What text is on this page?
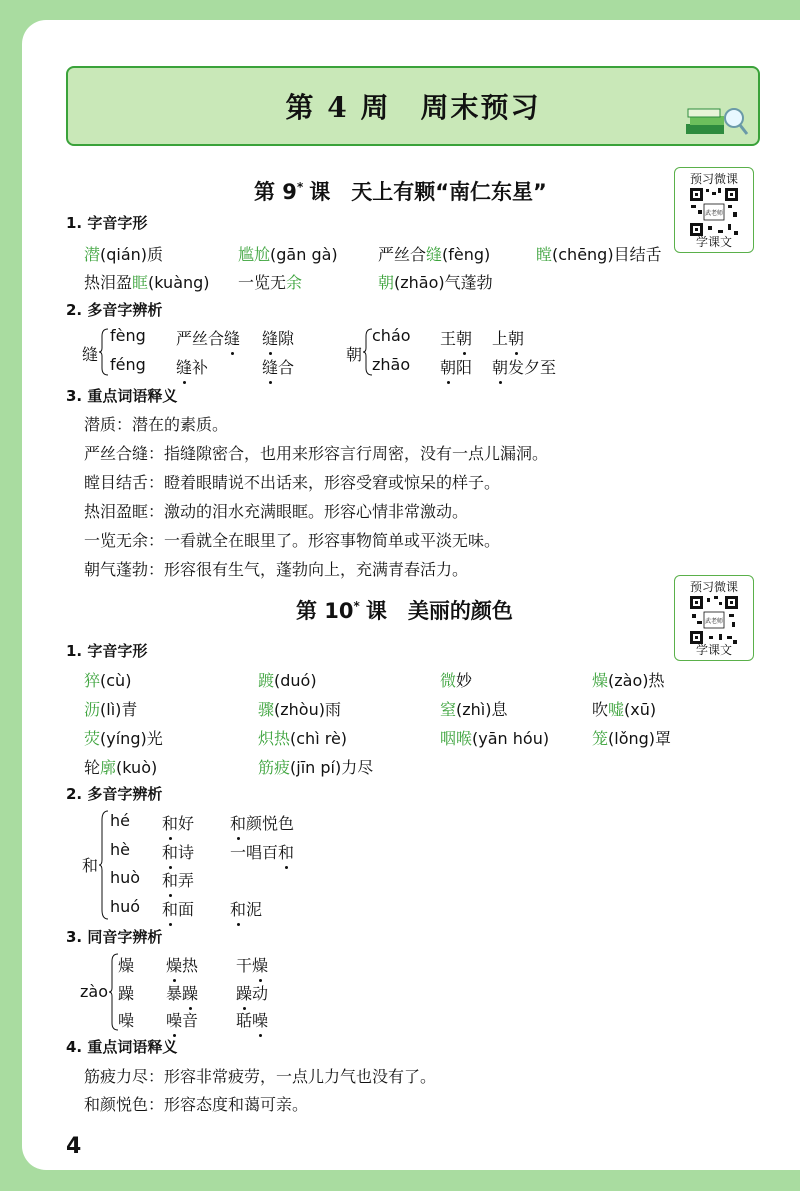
第 4 周　周末预习
预习微课
武老师
学课文
预习微课
武老师
学课文
第 9* 课　天上有颗“南仁东星”
1. 字音字形
潜(qián)质	尴尬(gān gà)	严丝合缝(fèng)	瞠(chēng)目结舌
热泪盈眶(kuàng) 一览无余	朝(zhāo)气蓬勃
2. 多音字辨析
缝
fèng 严丝合缝 缝隙
féng 缝补	缝合
朝
cháo 王朝 上朝
zhāo 朝阳 朝发夕至
3. 重点词语释义
潜质：潜在的素质。
严丝合缝：指缝隙密合，也用来形容言行周密，没有一点儿漏洞。
瞠目结舌：瞪着眼睛说不出话来，形容受窘或惊呆的样子。
热泪盈眶：激动的泪水充满眼眶。形容心情非常激动。
一览无余：一看就全在眼里了。形容事物简单或平淡无味。
朝气蓬勃：形容很有生气，蓬勃向上，充满青春活力。
第 10* 课　美丽的颜色
1. 字音字形
猝(cù)	踱(duó)	微妙	燥(zào)热
沥(lì)青	骤(zhòu)雨	窒(zhì)息	吹嘘(xū)
荧(yíng)光	炽热(chì rè)	咽喉(yān hóu)	笼(lǒng)罩
轮廓(kuò)	筋疲(jīn pí)力尽
2. 多音字辨析
和
hé 和好 和颜悦色
hè 和诗 一唱百和
huò 和弄
huó 和面 和泥
3. 同音字辨析
zào
燥 燥热 干燥
躁 暴躁 躁动
噪 噪音 聒噪
4. 重点词语释义
筋疲力尽：形容非常疲劳，一点儿力气也没有了。
和颜悦色：形容态度和蔼可亲。
4
